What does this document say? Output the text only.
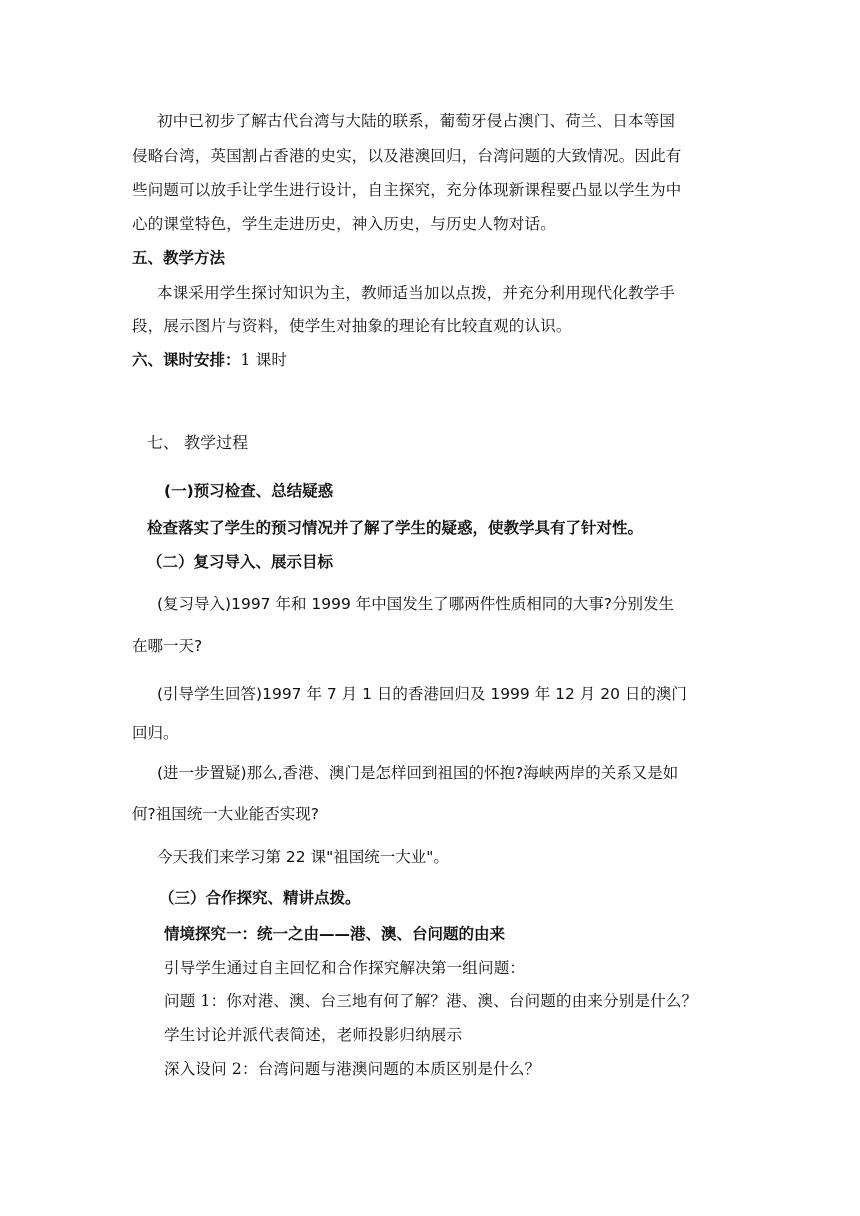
初中已初步了解古代台湾与大陆的联系，葡萄牙侵占澳门、荷兰、日本等国

侵略台湾，英国割占香港的史实，以及港澳回归，台湾问题的大致情况。因此有

些问题可以放手让学生进行设计，自主探究，充分体现新课程要凸显以学生为中

心的课堂特色，学生走进历史，神入历史，与历史人物对话。

五、教学方法

本课采用学生探讨知识为主，教师适当加以点拨，并充分利用现代化教学手

段，展示图片与资料，使学生对抽象的理论有比较直观的认识。

六、课时安排：1 课时

七、 教学过程

(一)预习检查、总结疑惑

检查落实了学生的预习情况并了解了学生的疑惑，使教学具有了针对性。

（二）复习导入、展示目标

(复习导入)1997 年和 1999 年中国发生了哪两件性质相同的大事?分别发生

在哪一天?

(引导学生回答)1997 年 7 月 1 日的香港回归及 1999 年 12 月 20 日的澳门

回归。

(进一步置疑)那么,香港、澳门是怎样回到祖国的怀抱?海峡两岸的关系又是如

何?祖国统一大业能否实现?

今天我们来学习第 22 课"祖国统一大业"。

（三）合作探究、精讲点拨。

情境探究一：统一之由——港、澳、台问题的由来

引导学生通过自主回忆和合作探究解决第一组问题：

问题 1：你对港、澳、台三地有何了解？港、澳、台问题的由来分别是什么？

学生讨论并派代表简述，老师投影归纳展示

深入设问 2：台湾问题与港澳问题的本质区别是什么？
